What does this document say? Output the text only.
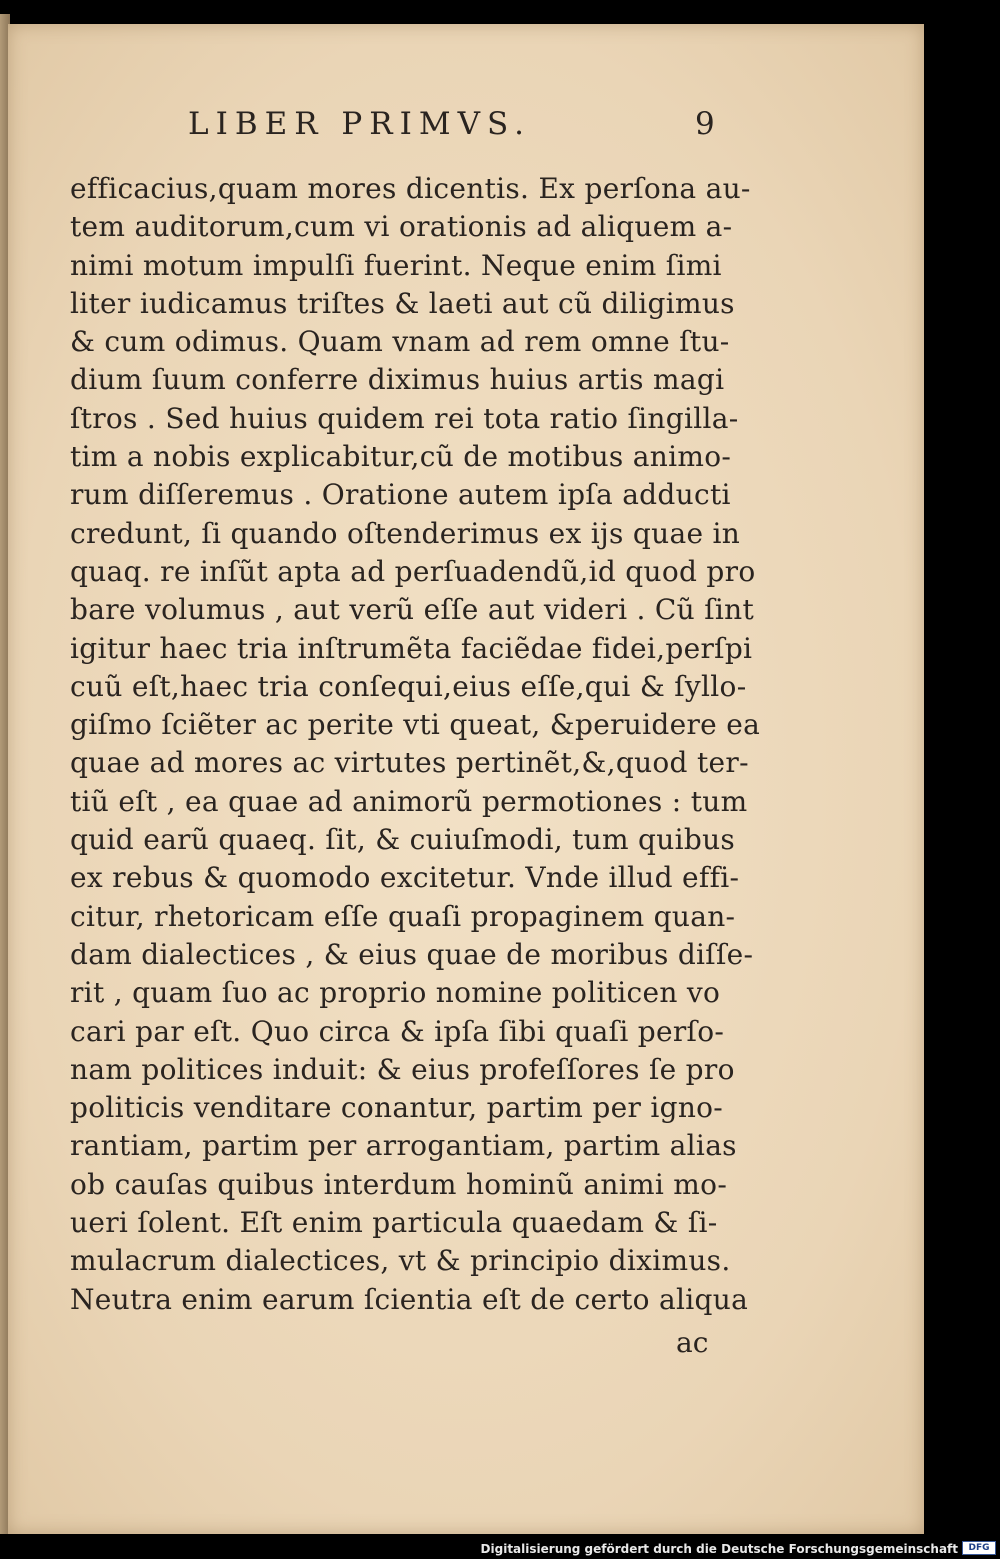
LIBER PRIMVS.	9
efficacius,quam mores dicentis. Ex perſona au-
tem auditorum,cum vi orationis ad aliquem a-
nimi motum impulſi fuerint. Neque enim ſimi
liter iudicamus triſtes & laeti aut cũ diligimus
& cum odimus. Quam vnam ad rem omne ſtu-
dium ſuum conferre diximus huius artis magi
ſtros . Sed huius quidem rei tota ratio ſingilla-
tim a nobis explicabitur,cũ de motibus animo-
rum diſſeremus . Oratione autem ipſa adducti
credunt, ſi quando oſtenderimus ex ijs quae in
quaq. re inſũt apta ad perſuadendũ,id quod pro
bare volumus , aut verũ eſſe aut videri . Cũ ſint
igitur haec tria inſtrumẽta faciẽdae fidei,perſpi
cuũ eſt,haec tria conſequi,eius eſſe,qui & ſyllo-
giſmo ſciẽter ac perite vti queat, &peruidere ea
quae ad mores ac virtutes pertinẽt,&,quod ter-
tiũ eſt , ea quae ad animorũ permotiones : tum
quid earũ quaeq. ſit, & cuiuſmodi, tum quibus
ex rebus & quomodo excitetur. Vnde illud effi-
citur, rhetoricam eſſe quaſi propaginem quan-
dam dialectices , & eius quae de moribus diſſe-
rit , quam ſuo ac proprio nomine politicen vo
cari par eſt. Quo circa & ipſa ſibi quaſi perſo-
nam politices induit: & eius profeſſores ſe pro
politicis venditare conantur, partim per igno-
rantiam, partim per arrogantiam, partim alias
ob cauſas quibus interdum hominũ animi mo-
ueri ſolent. Eſt enim particula quaedam & ſi-
mulacrum dialectices, vt & principio diximus.
Neutra enim earum ſcientia eſt de certo aliqua
ac
Digitalisierung gefördert durch die Deutsche Forschungsgemeinschaft	DFG
